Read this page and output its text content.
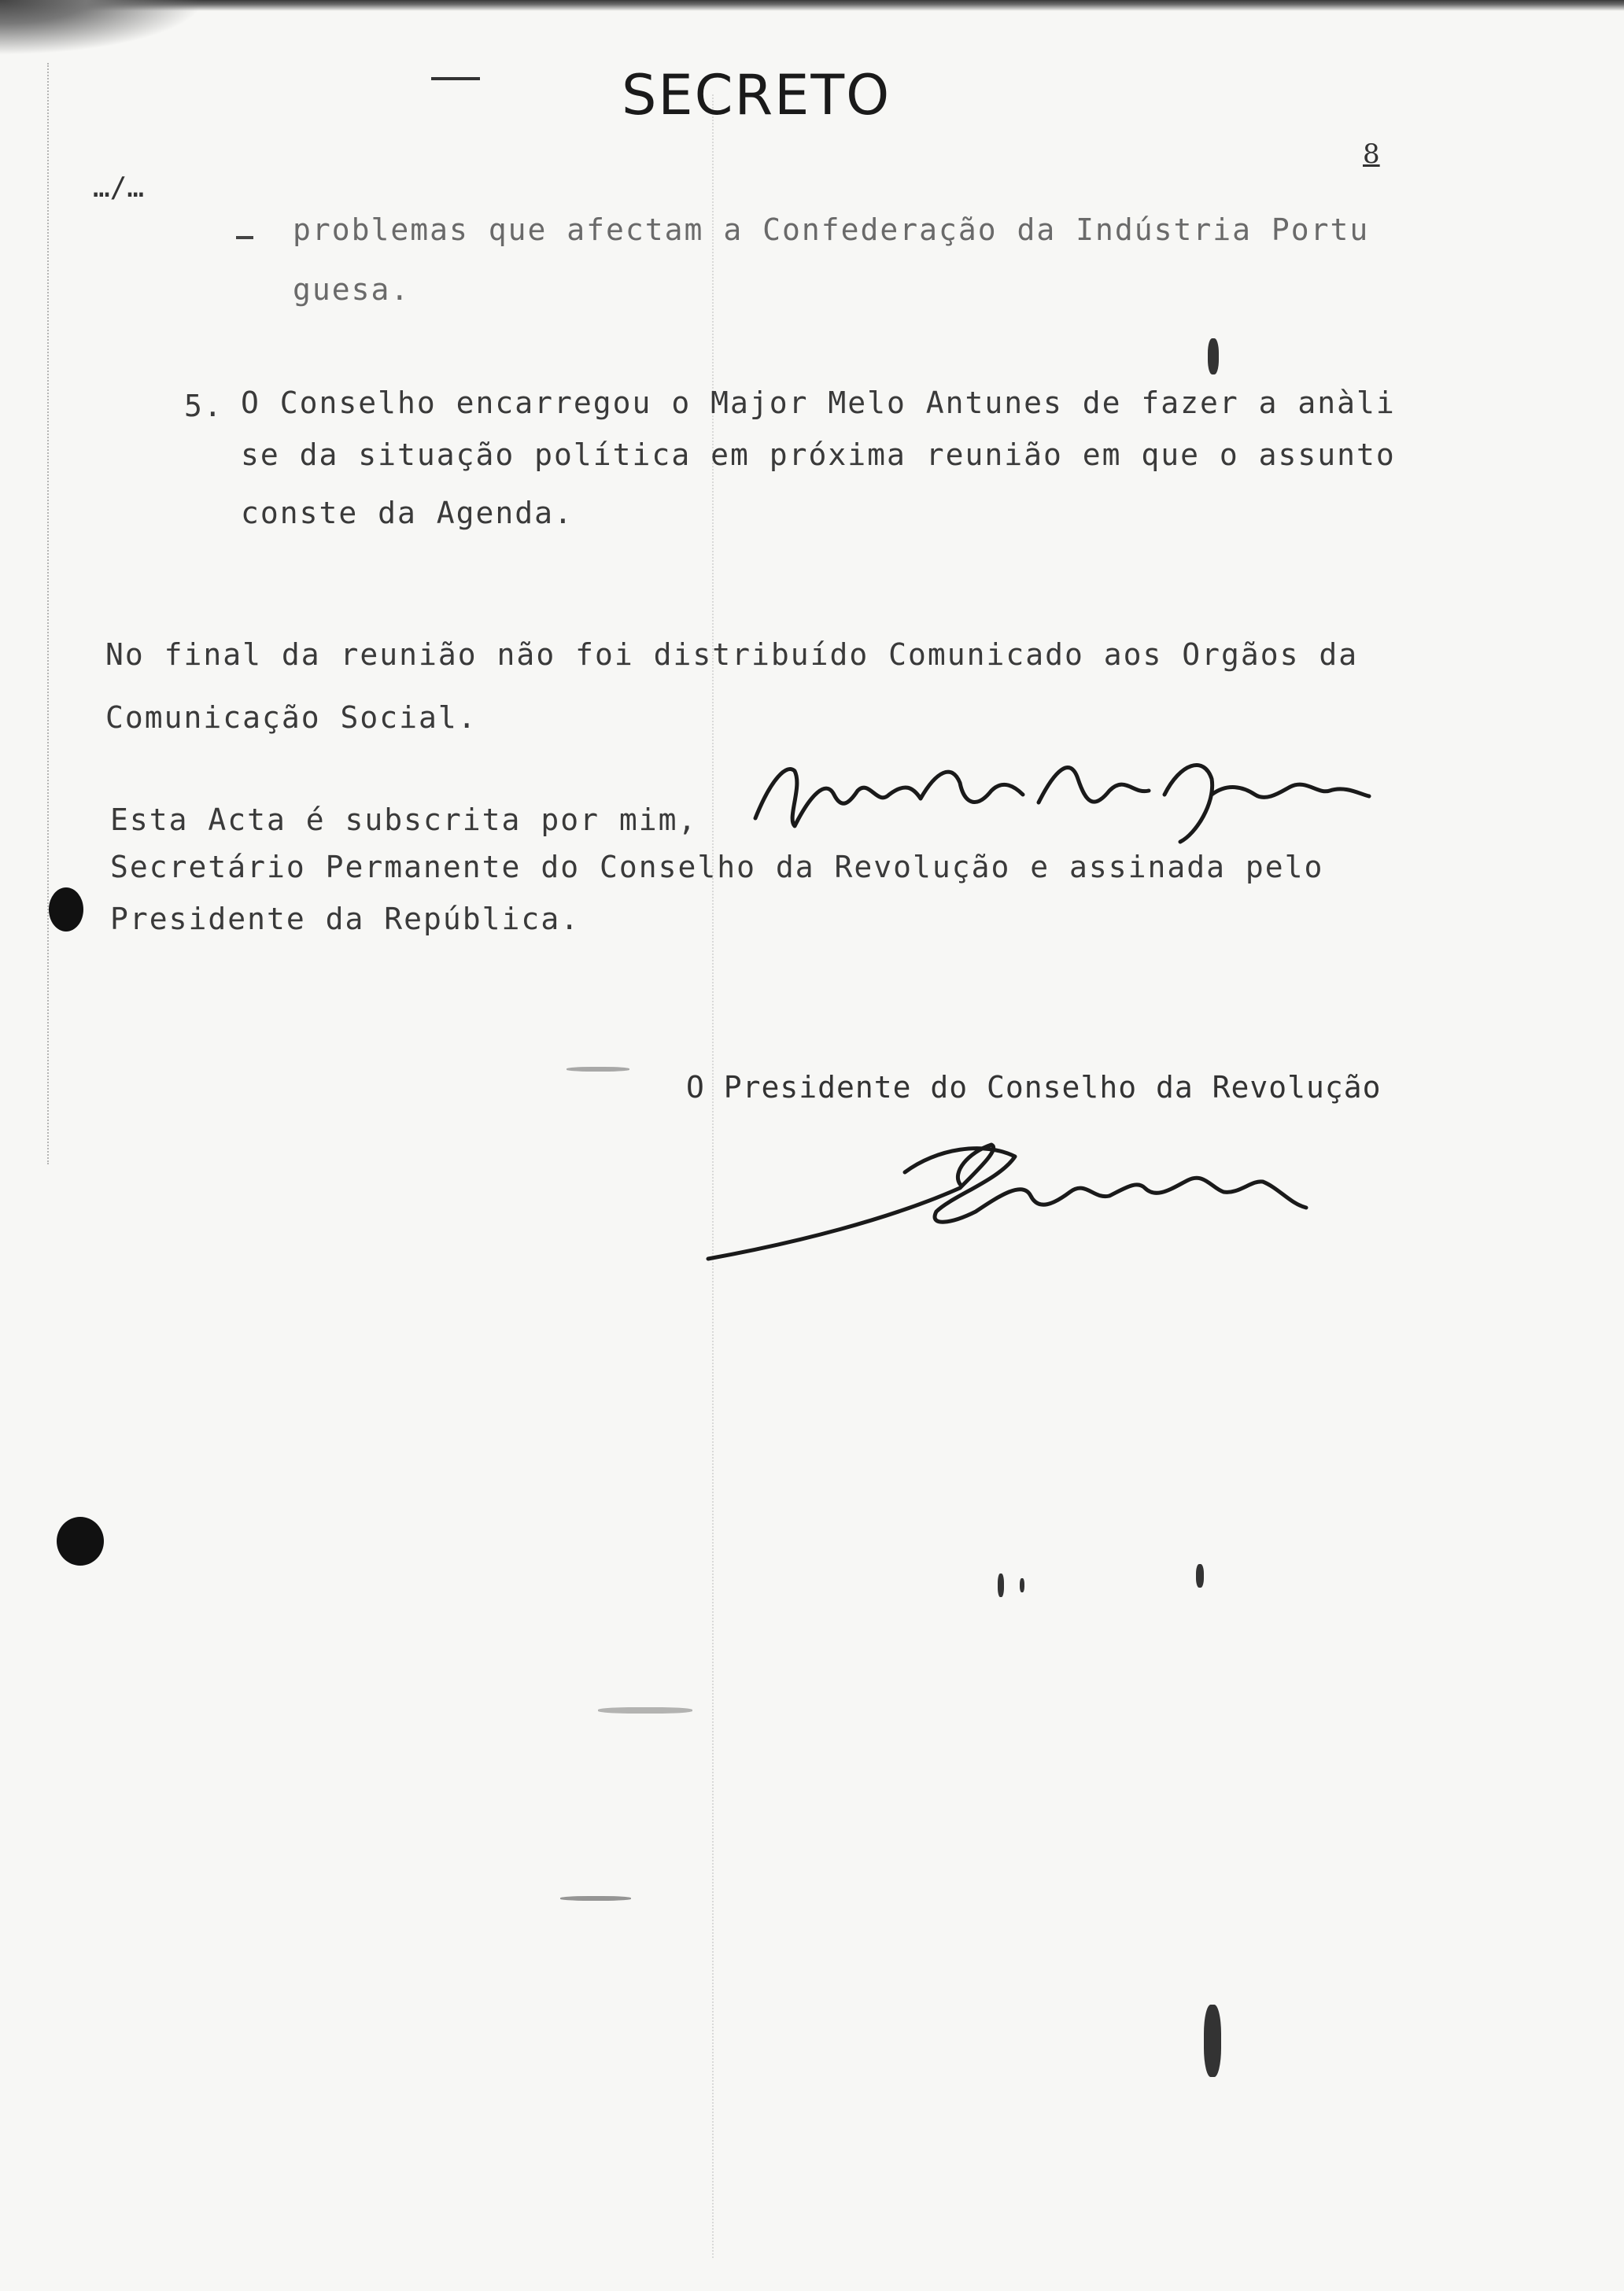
SECRETO
8
…/…
problemas que afectam a Confederação da Indústria Portu
guesa.
5. O Conselho encarregou o Major Melo Antunes de fazer a anàli
se da situação política em próxima reunião em que o assunto
conste da Agenda.
No final da reunião não foi distribuído Comunicado aos Orgãos da
Comunicação Social.
Esta Acta é subscrita por mim,
Secretário Permanente do Conselho da Revolução e assinada pelo
Presidente da República.
O Presidente do Conselho da Revolução
